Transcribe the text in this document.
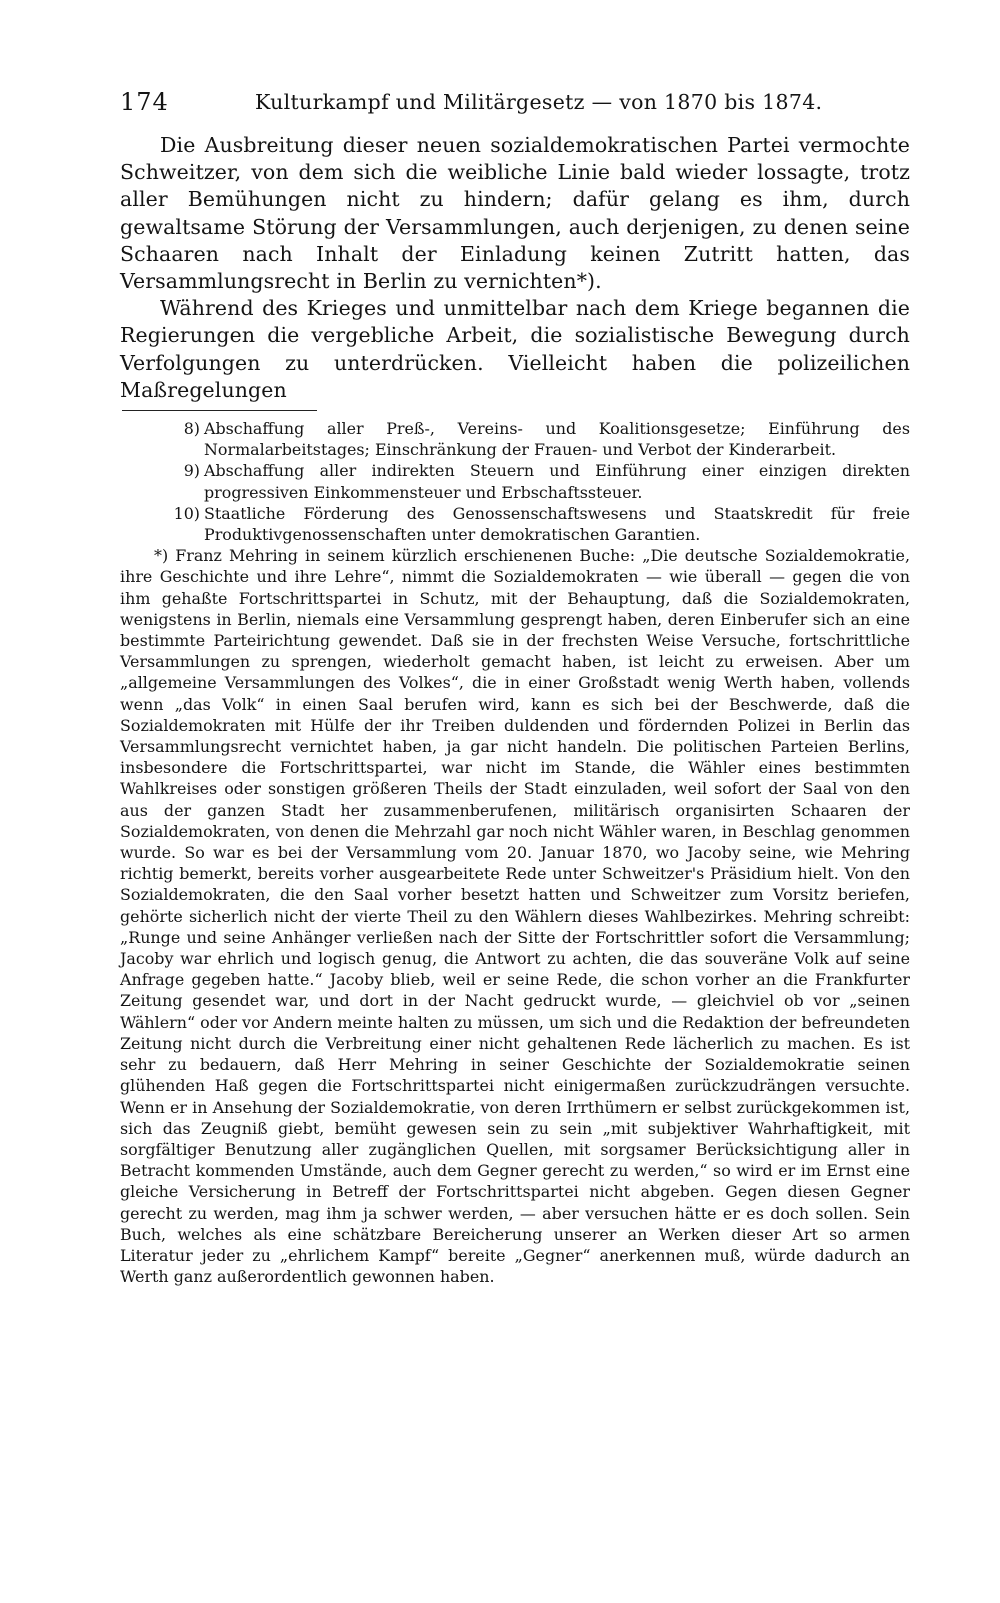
174	Kulturkampf und Militärgesetz — von 1870 bis 1874.

Die Ausbreitung dieser neuen sozialdemokratischen Partei vermochte Schweitzer, von dem sich die weibliche Linie bald wieder lossagte, trotz aller Bemühungen nicht zu hindern; dafür gelang es ihm, durch gewaltsame Störung der Versammlungen, auch derjenigen, zu denen seine Schaaren nach Inhalt der Einladung keinen Zutritt hatten, das Versammlungsrecht in Berlin zu vernichten*).

Während des Krieges und unmittelbar nach dem Kriege begannen die Regierungen die vergebliche Arbeit, die sozialistische Bewegung durch Verfolgungen zu unterdrücken. Vielleicht haben die polizeilichen Maßregelungen

8) Abschaffung aller Preß-, Vereins- und Koalitionsgesetze; Einführung des Normalarbeitstages; Einschränkung der Frauen- und Verbot der Kinderarbeit.
9) Abschaffung aller indirekten Steuern und Einführung einer einzigen direkten progressiven Einkommensteuer und Erbschaftssteuer.
10) Staatliche Förderung des Genossenschaftswesens und Staatskredit für freie Produktivgenossenschaften unter demokratischen Garantien.

*) Franz Mehring in seinem kürzlich erschienenen Buche: „Die deutsche Sozialdemokratie, ihre Geschichte und ihre Lehre“, nimmt die Sozialdemokraten — wie überall — gegen die von ihm gehaßte Fortschrittspartei in Schutz, mit der Behauptung, daß die Sozialdemokraten, wenigstens in Berlin, niemals eine Versammlung gesprengt haben, deren Einberufer sich an eine bestimmte Parteirichtung gewendet. Daß sie in der frechsten Weise Versuche, fortschrittliche Versammlungen zu sprengen, wiederholt gemacht haben, ist leicht zu erweisen. Aber um „allgemeine Versammlungen des Volkes“, die in einer Großstadt wenig Werth haben, vollends wenn „das Volk“ in einen Saal berufen wird, kann es sich bei der Beschwerde, daß die Sozialdemokraten mit Hülfe der ihr Treiben duldenden und fördernden Polizei in Berlin das Versammlungsrecht vernichtet haben, ja gar nicht handeln. Die politischen Parteien Berlins, insbesondere die Fortschrittspartei, war nicht im Stande, die Wähler eines bestimmten Wahlkreises oder sonstigen größeren Theils der Stadt einzuladen, weil sofort der Saal von den aus der ganzen Stadt her zusammenberufenen, militärisch organisirten Schaaren der Sozialdemokraten, von denen die Mehrzahl gar noch nicht Wähler waren, in Beschlag genommen wurde. So war es bei der Versammlung vom 20. Januar 1870, wo Jacoby seine, wie Mehring richtig bemerkt, bereits vorher ausgearbeitete Rede unter Schweitzer's Präsidium hielt. Von den Sozialdemokraten, die den Saal vorher besetzt hatten und Schweitzer zum Vorsitz beriefen, gehörte sicherlich nicht der vierte Theil zu den Wählern dieses Wahlbezirkes. Mehring schreibt: „Runge und seine Anhänger verließen nach der Sitte der Fortschrittler sofort die Versammlung; Jacoby war ehrlich und logisch genug, die Antwort zu achten, die das souveräne Volk auf seine Anfrage gegeben hatte.“ Jacoby blieb, weil er seine Rede, die schon vorher an die Frankfurter Zeitung gesendet war, und dort in der Nacht gedruckt wurde, — gleichviel ob vor „seinen Wählern“ oder vor Andern meinte halten zu müssen, um sich und die Redaktion der befreundeten Zeitung nicht durch die Verbreitung einer nicht gehaltenen Rede lächerlich zu machen. Es ist sehr zu bedauern, daß Herr Mehring in seiner Geschichte der Sozialdemokratie seinen glühenden Haß gegen die Fortschrittspartei nicht einigermaßen zurückzudrängen versuchte. Wenn er in Ansehung der Sozialdemokratie, von deren Irrthümern er selbst zurückgekommen ist, sich das Zeugniß giebt, bemüht gewesen sein zu sein „mit subjektiver Wahrhaftigkeit, mit sorgfältiger Benutzung aller zugänglichen Quellen, mit sorgsamer Berücksichtigung aller in Betracht kommenden Umstände, auch dem Gegner gerecht zu werden,“ so wird er im Ernst eine gleiche Versicherung in Betreff der Fortschrittspartei nicht abgeben. Gegen diesen Gegner gerecht zu werden, mag ihm ja schwer werden, — aber versuchen hätte er es doch sollen. Sein Buch, welches als eine schätzbare Bereicherung unserer an Werken dieser Art so armen Literatur jeder zu „ehrlichem Kampf“ bereite „Gegner“ anerkennen muß, würde dadurch an Werth ganz außerordentlich gewonnen haben.
